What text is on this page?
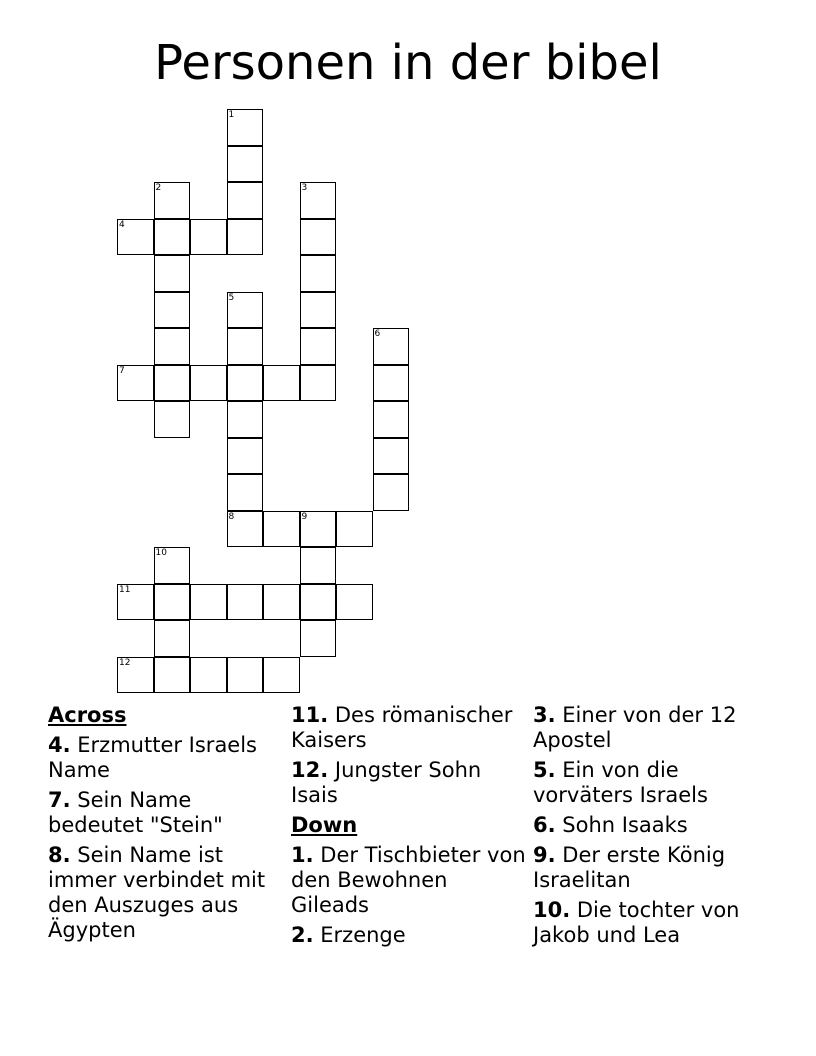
Personen in der bibel
1
2	3
4
5
6
7
8	9
10
11
12
Across
4. Erzmutter Israels Name
7. Sein Name bedeutet "Stein"
8. Sein Name ist immer verbindet mit den Auszuges aus Ägypten
11. Des römanischer Kaisers
12. Jungster Sohn Isais
Down
1. Der Tischbieter von den Bewohnen Gileads
2. Erzenge
3. Einer von der 12 Apostel
5. Ein von die vorväters Israels
6. Sohn Isaaks
9. Der erste König Israelitan
10. Die tochter von Jakob und Lea
